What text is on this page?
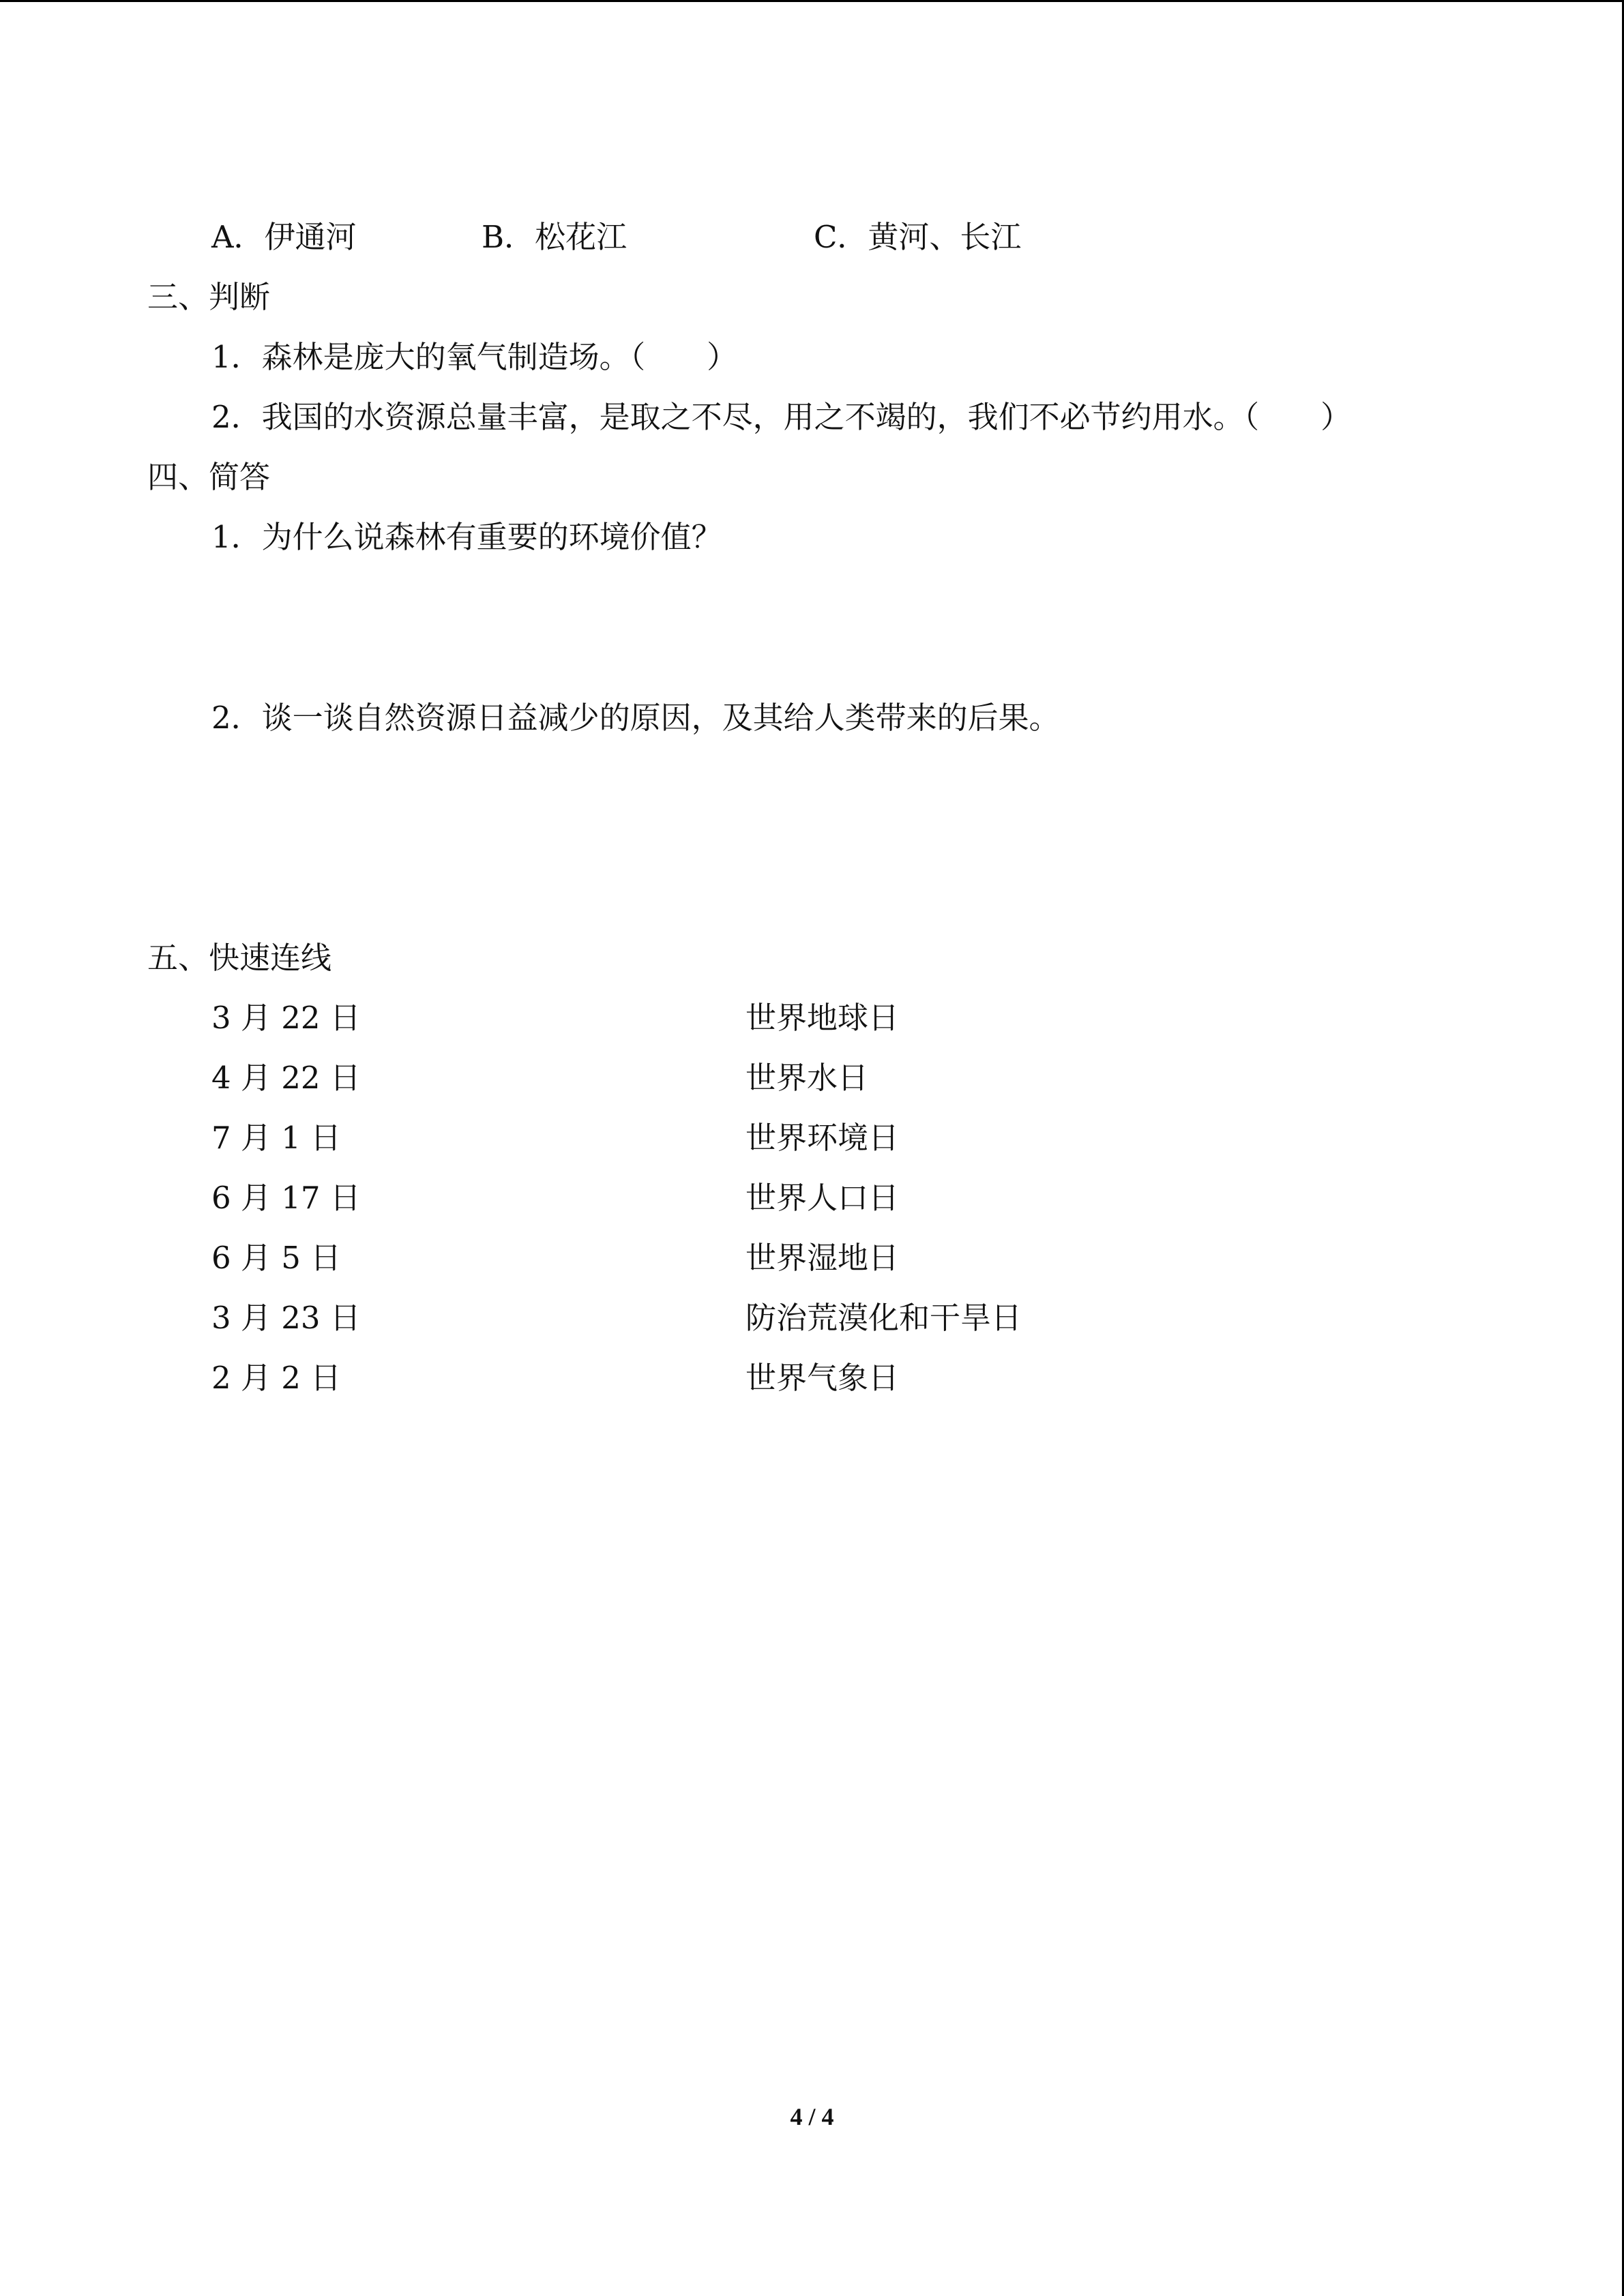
A．伊通河	B．松花江	C．黄河、长江
三、判断
1．森林是庞大的氧气制造场。（　　）
2．我国的水资源总量丰富，是取之不尽，用之不竭的，我们不必节约用水。（　　）
四、简答
1．为什么说森林有重要的环境价值？
2．谈一谈自然资源日益减少的原因，及其给人类带来的后果。
五、快速连线
3 月 22 日	世界地球日
4 月 22 日	世界水日
7 月 1 日	世界环境日
6 月 17 日	世界人口日
6 月 5 日	世界湿地日
3 月 23 日	防治荒漠化和干旱日
2 月 2 日	世界气象日
4 / 4
